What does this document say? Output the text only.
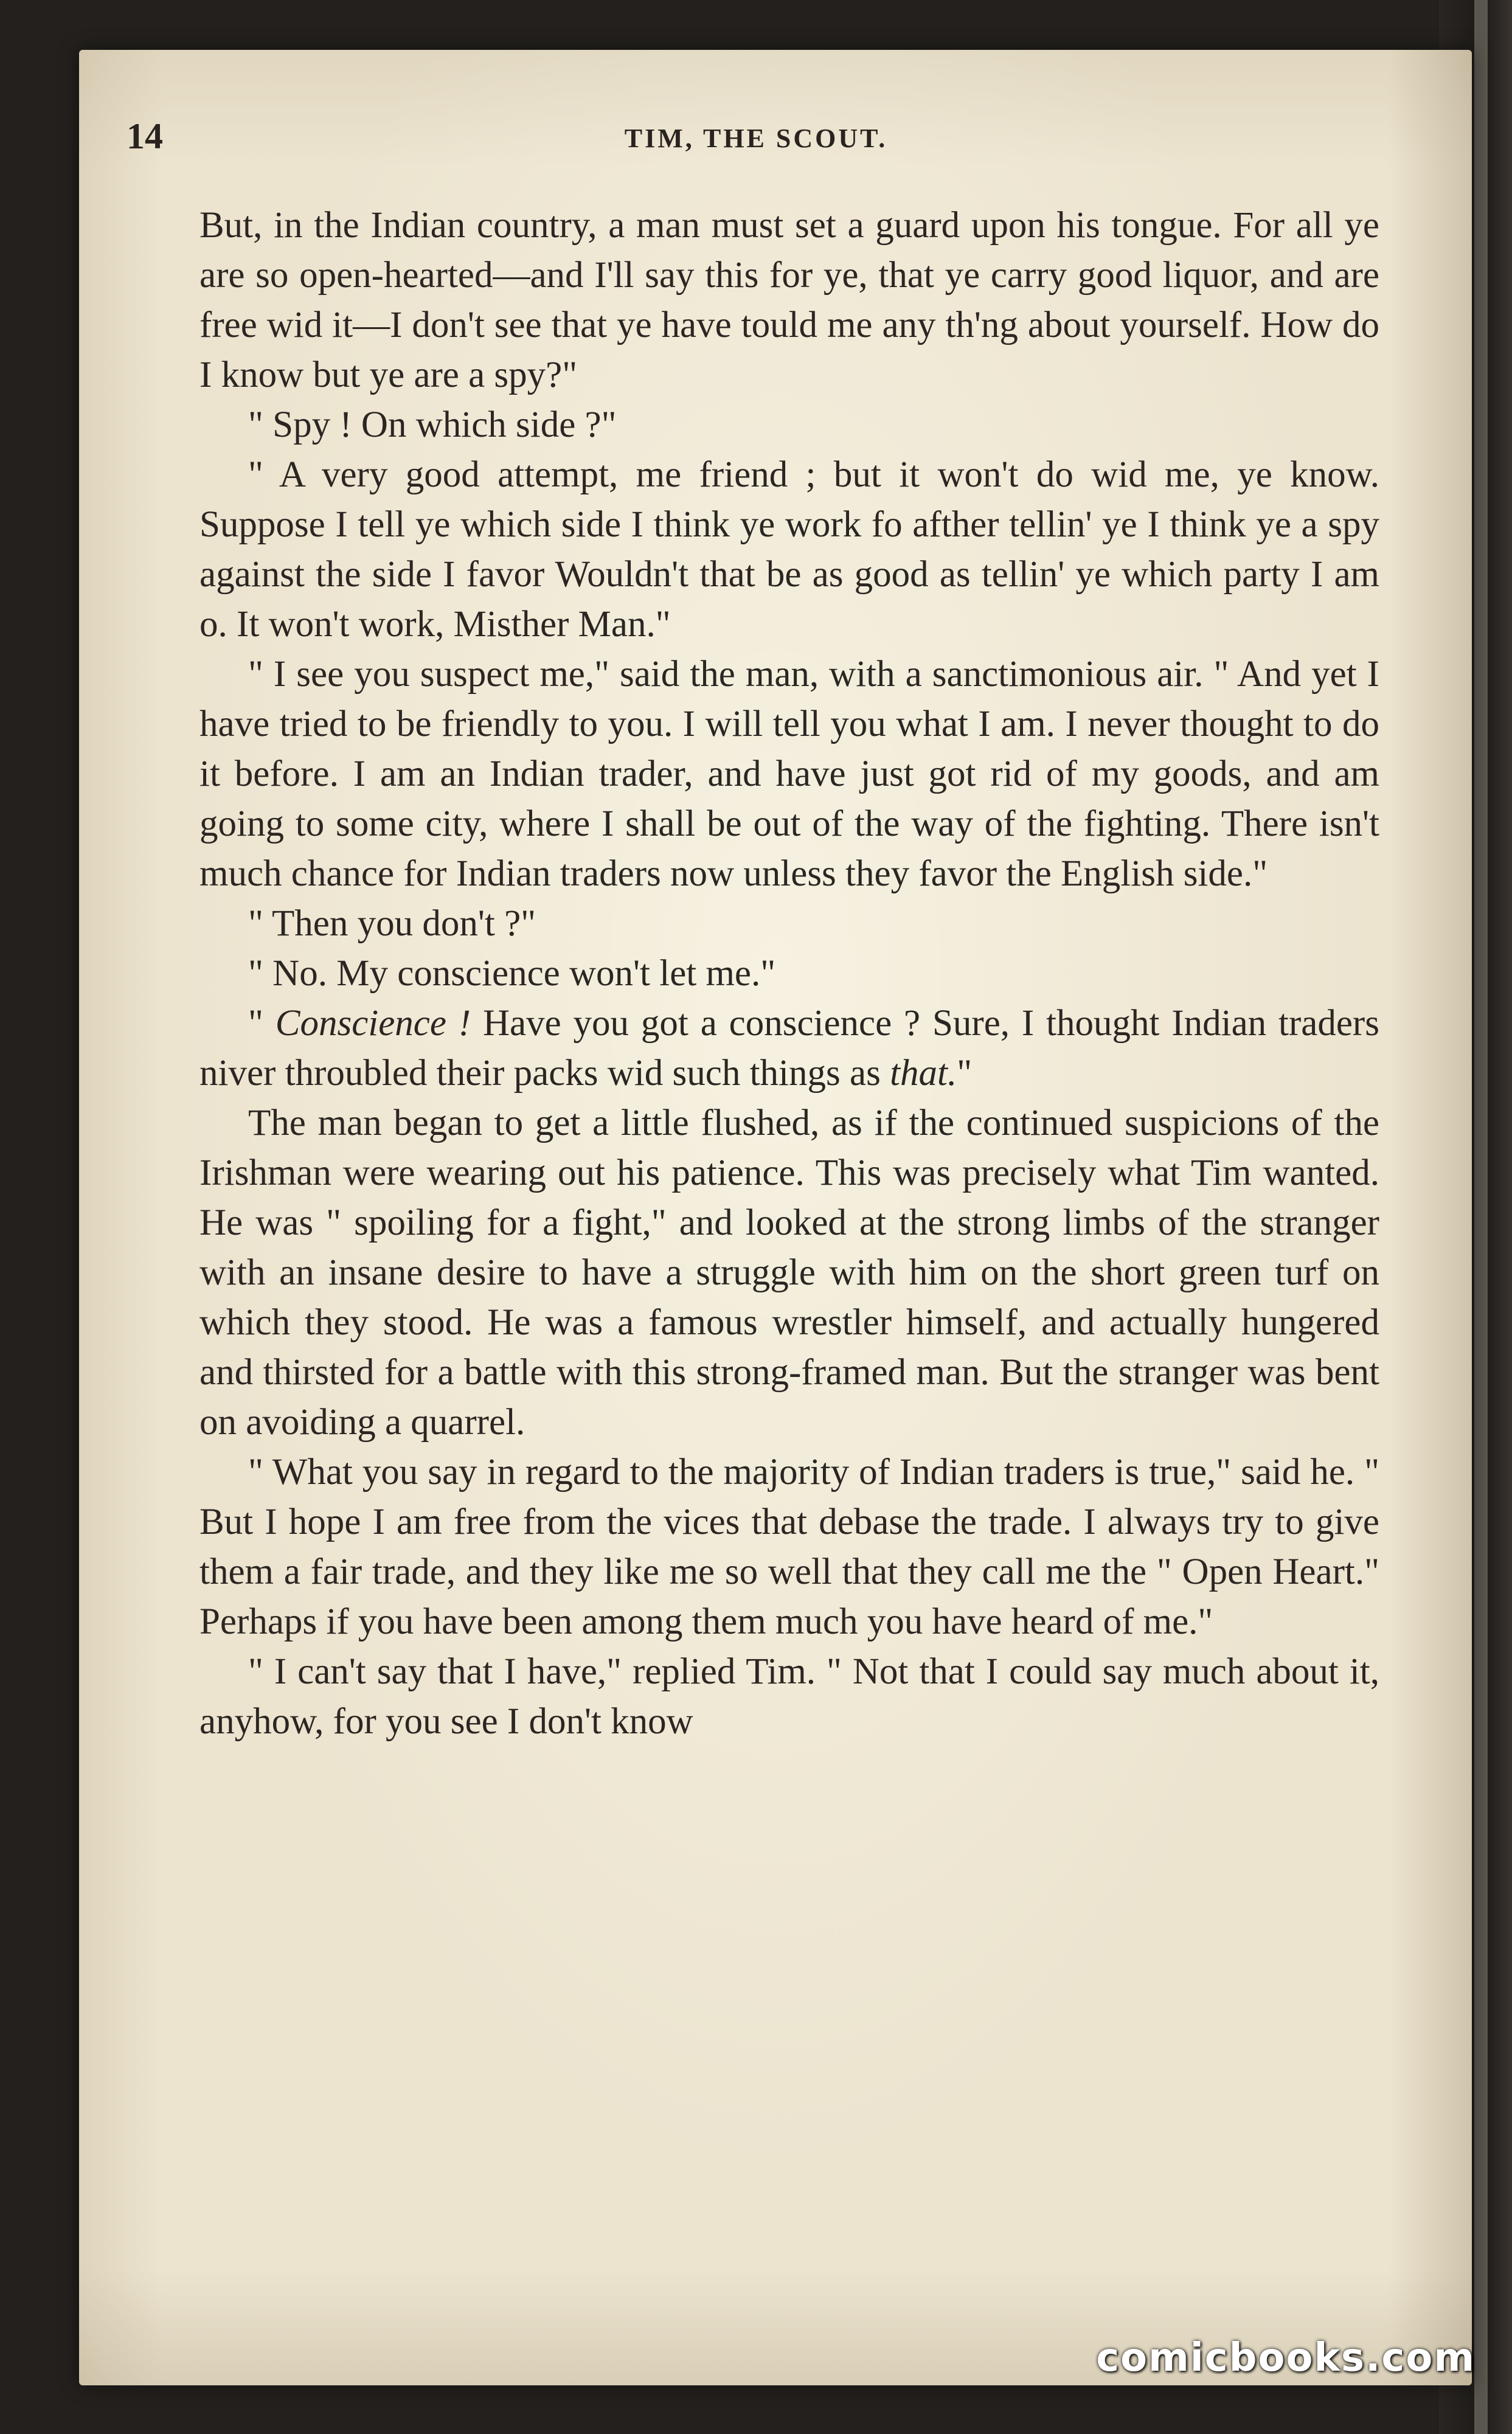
14	TIM, THE SCOUT.

But, in the Indian country, a man must set a guard upon his tongue. For all ye are so open-hearted—and I'll say this for ye, that ye carry good liquor, and are free wid it—I don't see that ye have tould me any th'ng about yourself. How do I know but ye are a spy?"

" Spy ! On which side ?"

" A very good attempt, me friend ; but it won't do wid me, ye know. Suppose I tell ye which side I think ye work fo afther tellin' ye I think ye a spy against the side I favor Wouldn't that be as good as tellin' ye which party I am o. It won't work, Misther Man."

" I see you suspect me," said the man, with a sanctimonious air. " And yet I have tried to be friendly to you. I will tell you what I am. I never thought to do it before. I am an Indian trader, and have just got rid of my goods, and am going to some city, where I shall be out of the way of the fighting. There isn't much chance for Indian traders now unless they favor the English side."

" Then you don't ?"

" No. My conscience won't let me."

" Conscience ! Have you got a conscience ? Sure, I thought Indian traders niver throubled their packs wid such things as that."

The man began to get a little flushed, as if the continued suspicions of the Irishman were wearing out his patience. This was precisely what Tim wanted. He was " spoiling for a fight," and looked at the strong limbs of the stranger with an insane desire to have a struggle with him on the short green turf on which they stood. He was a famous wrestler himself, and actually hungered and thirsted for a battle with this strong-framed man. But the stranger was bent on avoiding a quarrel.

" What you say in regard to the majority of Indian traders is true," said he. " But I hope I am free from the vices that debase the trade. I always try to give them a fair trade, and they like me so well that they call me the " Open Heart." Perhaps if you have been among them much you have heard of me."

" I can't say that I have," replied Tim. " Not that I could say much about it, anyhow, for you see I don't know

comicbooks.com
